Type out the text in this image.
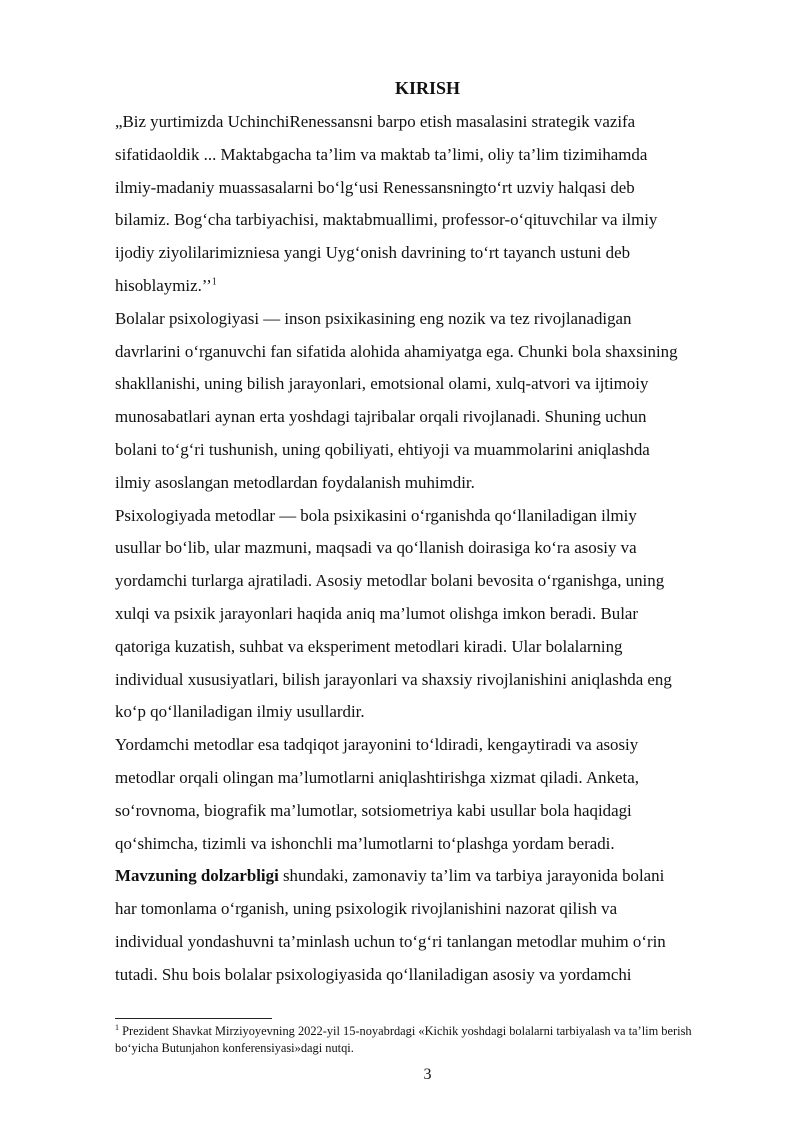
KIRISH
„Biz yurtimizda UchinchiRenessansni barpo etish masalasini strategik vazifa
sifatidaoldik ... Maktabgacha ta’lim va maktab ta’limi, oliy ta’lim tizimihamda
ilmiy-madaniy muassasalarni bo‘lg‘usi Renessansningto‘rt uzviy halqasi deb
bilamiz. Bog‘cha tarbiyachisi, maktabmuallimi, professor-o‘qituvchilar va ilmiy
ijodiy ziyolilarimizniesa yangi Uyg‘onish davrining to‘rt tayanch ustuni deb
hisoblaymiz.’’$^1$
Bolalar psixologiyasi — inson psixikasining eng nozik va tez rivojlanadigan
davrlarini o‘rganuvchi fan sifatida alohida ahamiyatga ega. Chunki bola shaxsining
shakllanishi, uning bilish jarayonlari, emotsional olami, xulq-atvori va ijtimoiy
munosabatlari aynan erta yoshdagi tajribalar orqali rivojlanadi. Shuning uchun
bolani to‘g‘ri tushunish, uning qobiliyati, ehtiyoji va muammolarini aniqlashda
ilmiy asoslangan metodlardan foydalanish muhimdir.
Psixologiyada metodlar — bola psixikasini o‘rganishda qo‘llaniladigan ilmiy
usullar bo‘lib, ular mazmuni, maqsadi va qo‘llanish doirasiga ko‘ra asosiy va
yordamchi turlarga ajratiladi. Asosiy metodlar bolani bevosita o‘rganishga, uning
xulqi va psixik jarayonlari haqida aniq ma’lumot olishga imkon beradi. Bular
qatoriga kuzatish, suhbat va eksperiment metodlari kiradi. Ular bolalarning
individual xususiyatlari, bilish jarayonlari va shaxsiy rivojlanishini aniqlashda eng
ko‘p qo‘llaniladigan ilmiy usullardir.
Yordamchi metodlar esa tadqiqot jarayonini to‘ldiradi, kengaytiradi va asosiy
metodlar orqali olingan ma’lumotlarni aniqlashtirishga xizmat qiladi. Anketa,
so‘rovnoma, biografik ma’lumotlar, sotsiometriya kabi usullar bola haqidagi
qo‘shimcha, tizimli va ishonchli ma’lumotlarni to‘plashga yordam beradi.
Mavzuning dolzarbligi shundaki, zamonaviy ta’lim va tarbiya jarayonida bolani
har tomonlama o‘rganish, uning psixologik rivojlanishini nazorat qilish va
individual yondashuvni ta’minlash uchun to‘g‘ri tanlangan metodlar muhim o‘rin
tutadi. Shu bois bolalar psixologiyasida qo‘llaniladigan asosiy va yordamchi
$^1$ Prezident Shavkat Mirziyoyevning 2022-yil 15-noyabrdagi «Kichik yoshdagi bolalarni tarbiyalash va ta’lim berish
bo‘yicha Butunjahon konferensiyasi»dagi nutqi.
3
